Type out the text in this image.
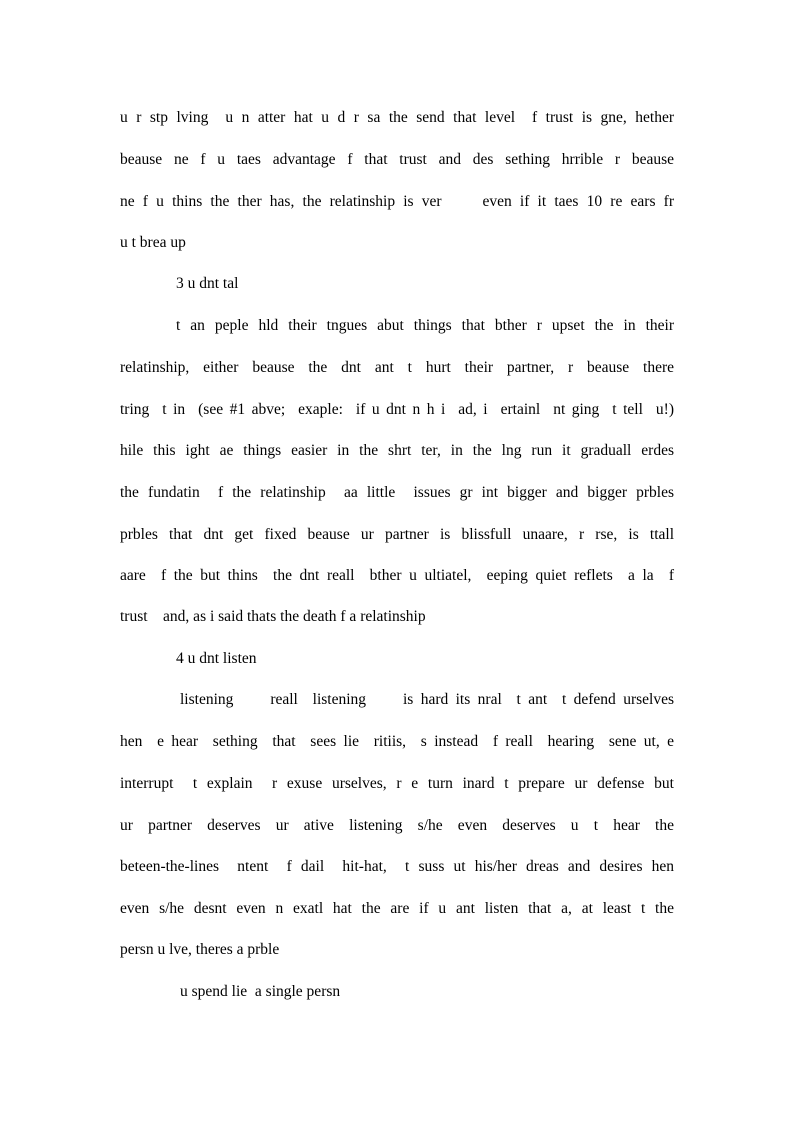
u r stp lving  u n atter hat u d r sa the send that level  f trust is gne, hether
beause ne f u taes advantage f that trust and des sething hrrible r beause
ne f u thins the ther has, the relatinship is ver     even if it taes 10 re ears fr
u t brea up
3 u dnt tal
t an peple hld their tngues abut things that bther r upset the in their
relatinship,  either  beause  the  dnt  ant  t  hurt  their  partner,  r  beause  there
tring  t in  (see #1 abve;  exaple:  if u dnt n h i  ad, i  ertainl  nt ging  t tell  u!)
hile this ight ae things easier in the shrt ter, in the lng run it graduall erdes
the fundatin  f the relatinship  aa little  issues gr int bigger and bigger prbles
prbles that dnt get fixed beause ur partner is blissfull unaare, r rse, is ttall
aare  f the but thins  the dnt reall  bther u ultiatel,  eeping quiet reflets  a la  f
trust    and, as i said thats the death f a relatinship
4 u dnt listen
listening     reall  listening     is hard its nral  t ant  t defend urselves
hen  e hear  sething  that  sees lie  ritiis,  s instead  f reall  hearing  sene ut, e
interrupt  t explain  r exuse urselves, r e turn inard t prepare ur defense but
ur  partner  deserves  ur  ative  listening  s/he  even  deserves  u  t  hear  the
beteen-the-lines  ntent  f dail  hit-hat,  t suss ut his/her dreas and desires hen
even s/he desnt even n exatl hat the are if u ant listen that a, at least t the
persn u lve, theres a prble
u spend lie  a single persn
